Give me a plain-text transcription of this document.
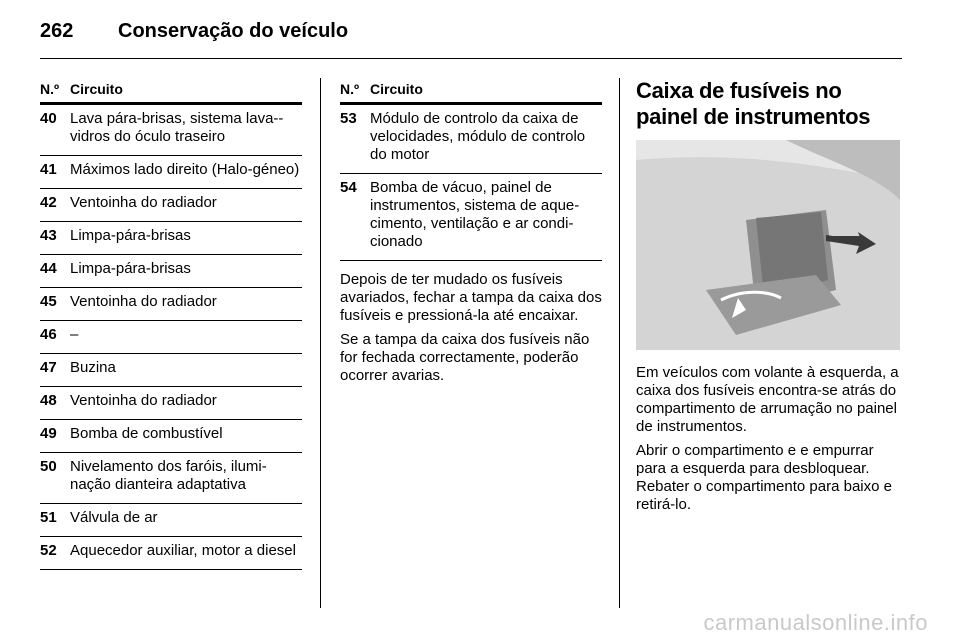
262 Conservação do veículo
N.º Circuito
40 Lava pára-brisas, sistema lava--vidros do óculo traseiro
41 Máximos lado direito (Halo-géneo)
42 Ventoinha do radiador
43 Limpa-pára-brisas
44 Limpa-pára-brisas
45 Ventoinha do radiador
46 –
47 Buzina
48 Ventoinha do radiador
49 Bomba de combustível
50 Nivelamento dos faróis, ilumi-nação dianteira adaptativa
51 Válvula de ar
52 Aquecedor auxiliar, motor a diesel
N.º Circuito
53 Módulo de controlo da caixa de velocidades, módulo de controlo do motor
54 Bomba de vácuo, painel de instrumentos, sistema de aque-cimento, ventilação e ar condi-cionado

Depois de ter mudado os fusíveis avariados, fechar a tampa da caixa dos fusíveis e pressioná-la até encaixar.

Se a tampa da caixa dos fusíveis não for fechada correctamente, poderão ocorrer avarias.

Caixa de fusíveis no painel de instrumentos

Em veículos com volante à esquerda, a caixa dos fusíveis encontra-se atrás do compartimento de arrumação no painel de instrumentos.

Abrir o compartimento e e empurrar para a esquerda para desbloquear. Rebater o compartimento para baixo e retirá-lo.

carmanualsonline.info
